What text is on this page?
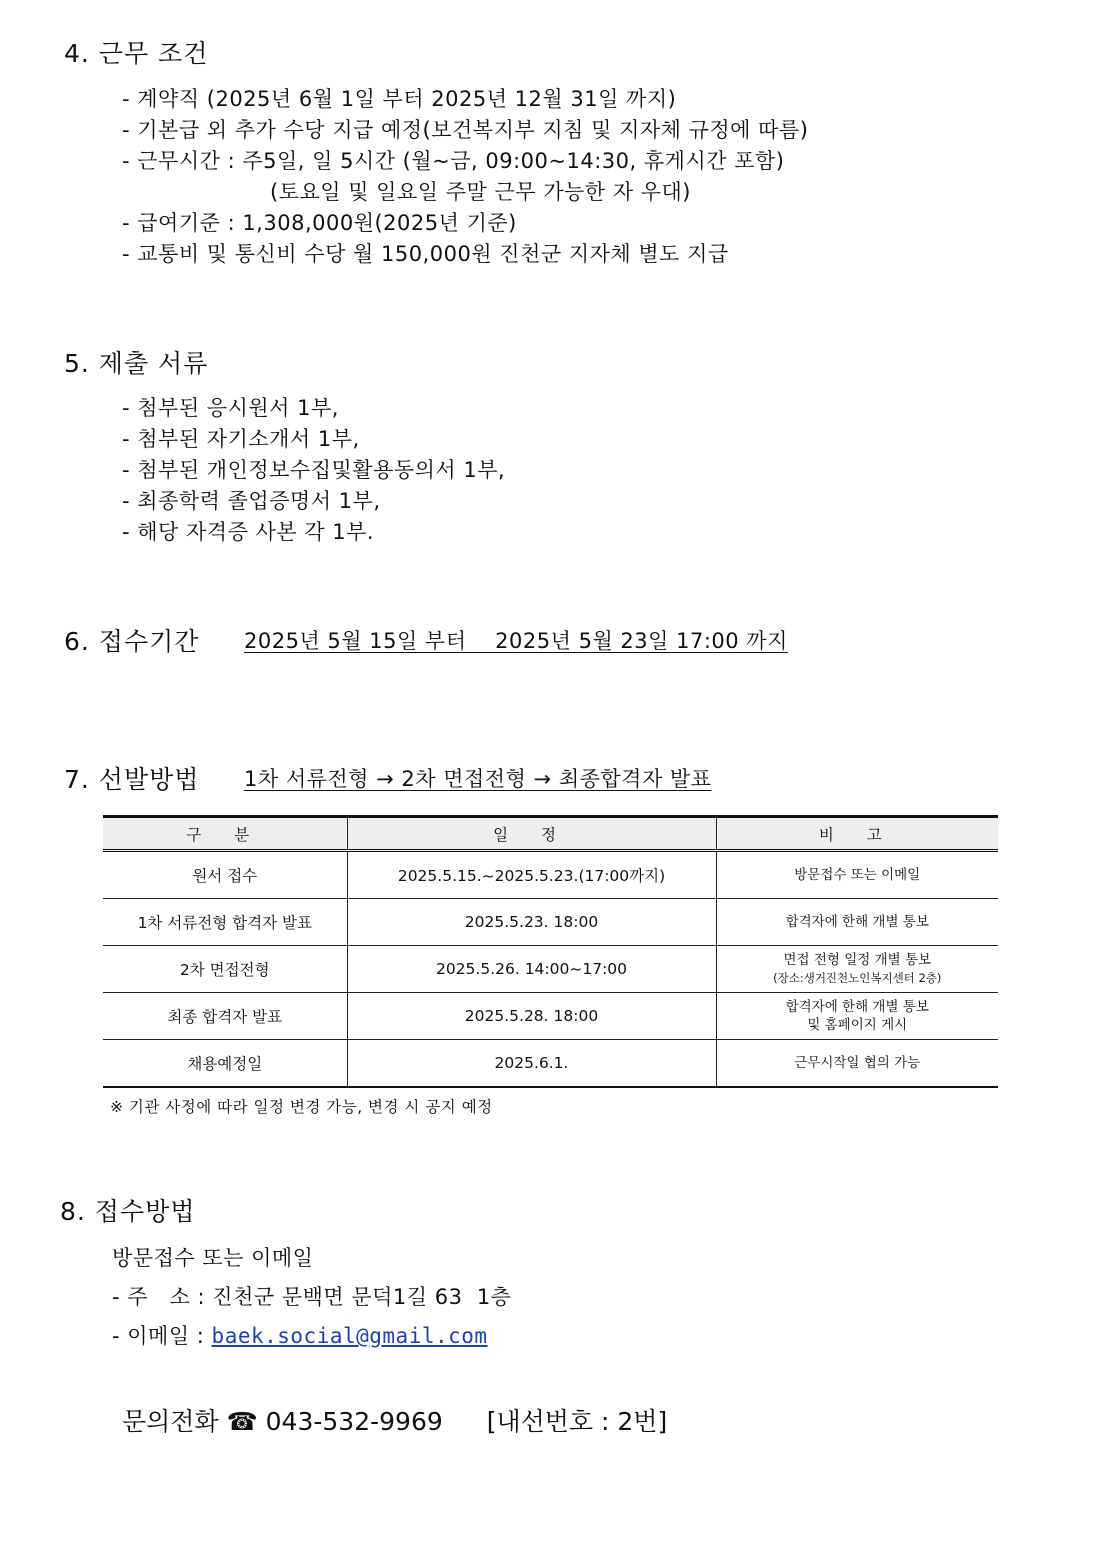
4. 근무 조건
- 계약직 (2025년 6월 1일 부터 2025년 12월 31일 까지)
- 기본급 외 추가 수당 지급 예정(보건복지부 지침 및 지자체 규정에 따름)
- 근무시간 : 주5일, 일 5시간 (월~금, 09:00~14:30, 휴게시간 포함)
(토요일 및 일요일 주말 근무 가능한 자 우대)
- 급여기준 : 1,308,000원(2025년 기준)
- 교통비 및 통신비 수당 월 150,000원 진천군 지자체 별도 지급
5. 제출 서류
- 첨부된 응시원서 1부,
- 첨부된 자기소개서 1부,
- 첨부된 개인정보수집및활용동의서 1부,
- 최종학력 졸업증명서 1부,
- 해당 자격증 사본 각 1부.
6. 접수기간 2025년 5월 15일 부터    2025년 5월 23일 17:00 까지
7. 선발방법 1차 서류전형 → 2차 면접전형 → 최종합격자 발표
구 분	일 정	비 고
원서 접수	2025.5.15.~2025.5.23.(17:00까지)	방문접수 또는 이메일
1차 서류전형 합격자 발표	2025.5.23. 18:00	합격자에 한해 개별 통보
2차 면접전형	2025.5.26. 14:00~17:00	면접 전형 일정 개별 통보
(장소:생거진천노인복지센터 2층)

최종 합격자 발표	2025.5.28. 18:00	합격자에 한해 개별 통보
및 홈페이지 게시

채용예정일	2025.6.1.	근무시작일 협의 가능
※ 기관 사정에 따라 일정 변경 가능, 변경 시 공지 예정
8. 접수방법
방문접수 또는 이메일
- 주   소 : 진천군 문백면 문덕1길 63  1층
- 이메일 : baek.social@gmail.com
문의전화 ☎ 043-532-9969 [내선번호 : 2번]
